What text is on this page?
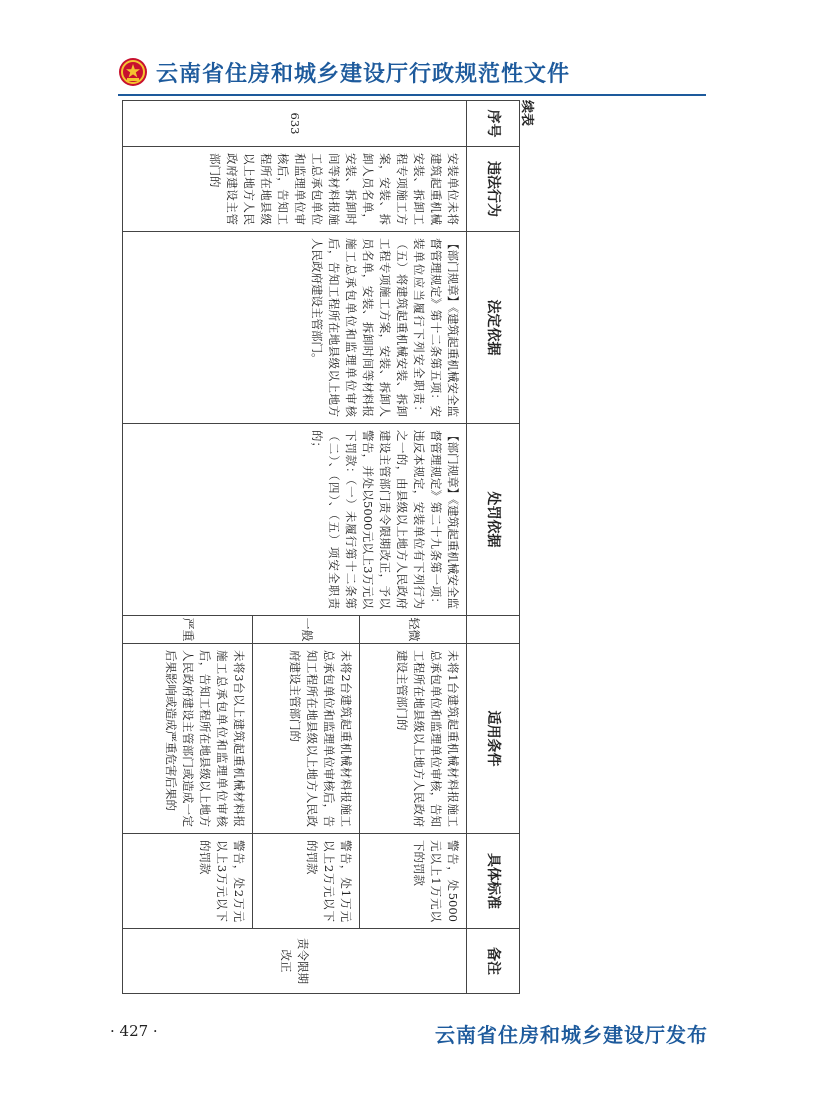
云南省住房和城乡建设厅行政规范性文件
续表
序号	违法行为	法定依据	处罚依据		适用条件	具体标准	备注
633	安装单位未将建筑起重机械安装、拆卸工程专项施工方案，安装、拆卸人员名单，安装、拆卸时间等材料报施工总承包单位和监理单位审核后，告知工程所在地县级以上地方人民政府建设主管部门的	【部门规章】《建筑起重机械安全监督管理规定》第十二条第五项：安装单位应当履行下列安全职责：（五）将建筑起重机械安装、拆卸工程专项施工方案，安装、拆卸人员名单，安装、拆卸时间等材料报施工总承包单位和监理单位审核后，告知工程所在地县级以上地方人民政府建设主管部门。	【部门规章】《建筑起重机械安全监督管理规定》第二十九条第一项：违反本规定，安装单位有下列行为之一的，由县级以上地方人民政府建设主管部门责令限期改正，予以警告，并处以5000元以上3万元以下罚款：（一）未履行第十二条第（二）、（四）、（五）项安全职责的；	轻微	未将1台建筑起重机械材料报施工总承包单位和监理单位审核，告知工程所在地县级以上地方人民政府建设主管部门的	警告，处5000元以上1万元以下的罚款	责令限期改正
				一般	未将2台建筑起重机械材料报施工总承包单位和监理单位审核后，告知工程所在地县级以上地方人民政府建设主管部门的	警告，处1万元以上2万元以下的罚款	
				严重	未将3台以上建筑起重机械材料报施工总承包单位和监理单位审核后，告知工程所在地县级以上地方人民政府建设主管部门或造成一定后果影响或造成严重危害后果的	警告，处2万元以上3万元以下的罚款	
· 427 ·	云南省住房和城乡建设厅发布
